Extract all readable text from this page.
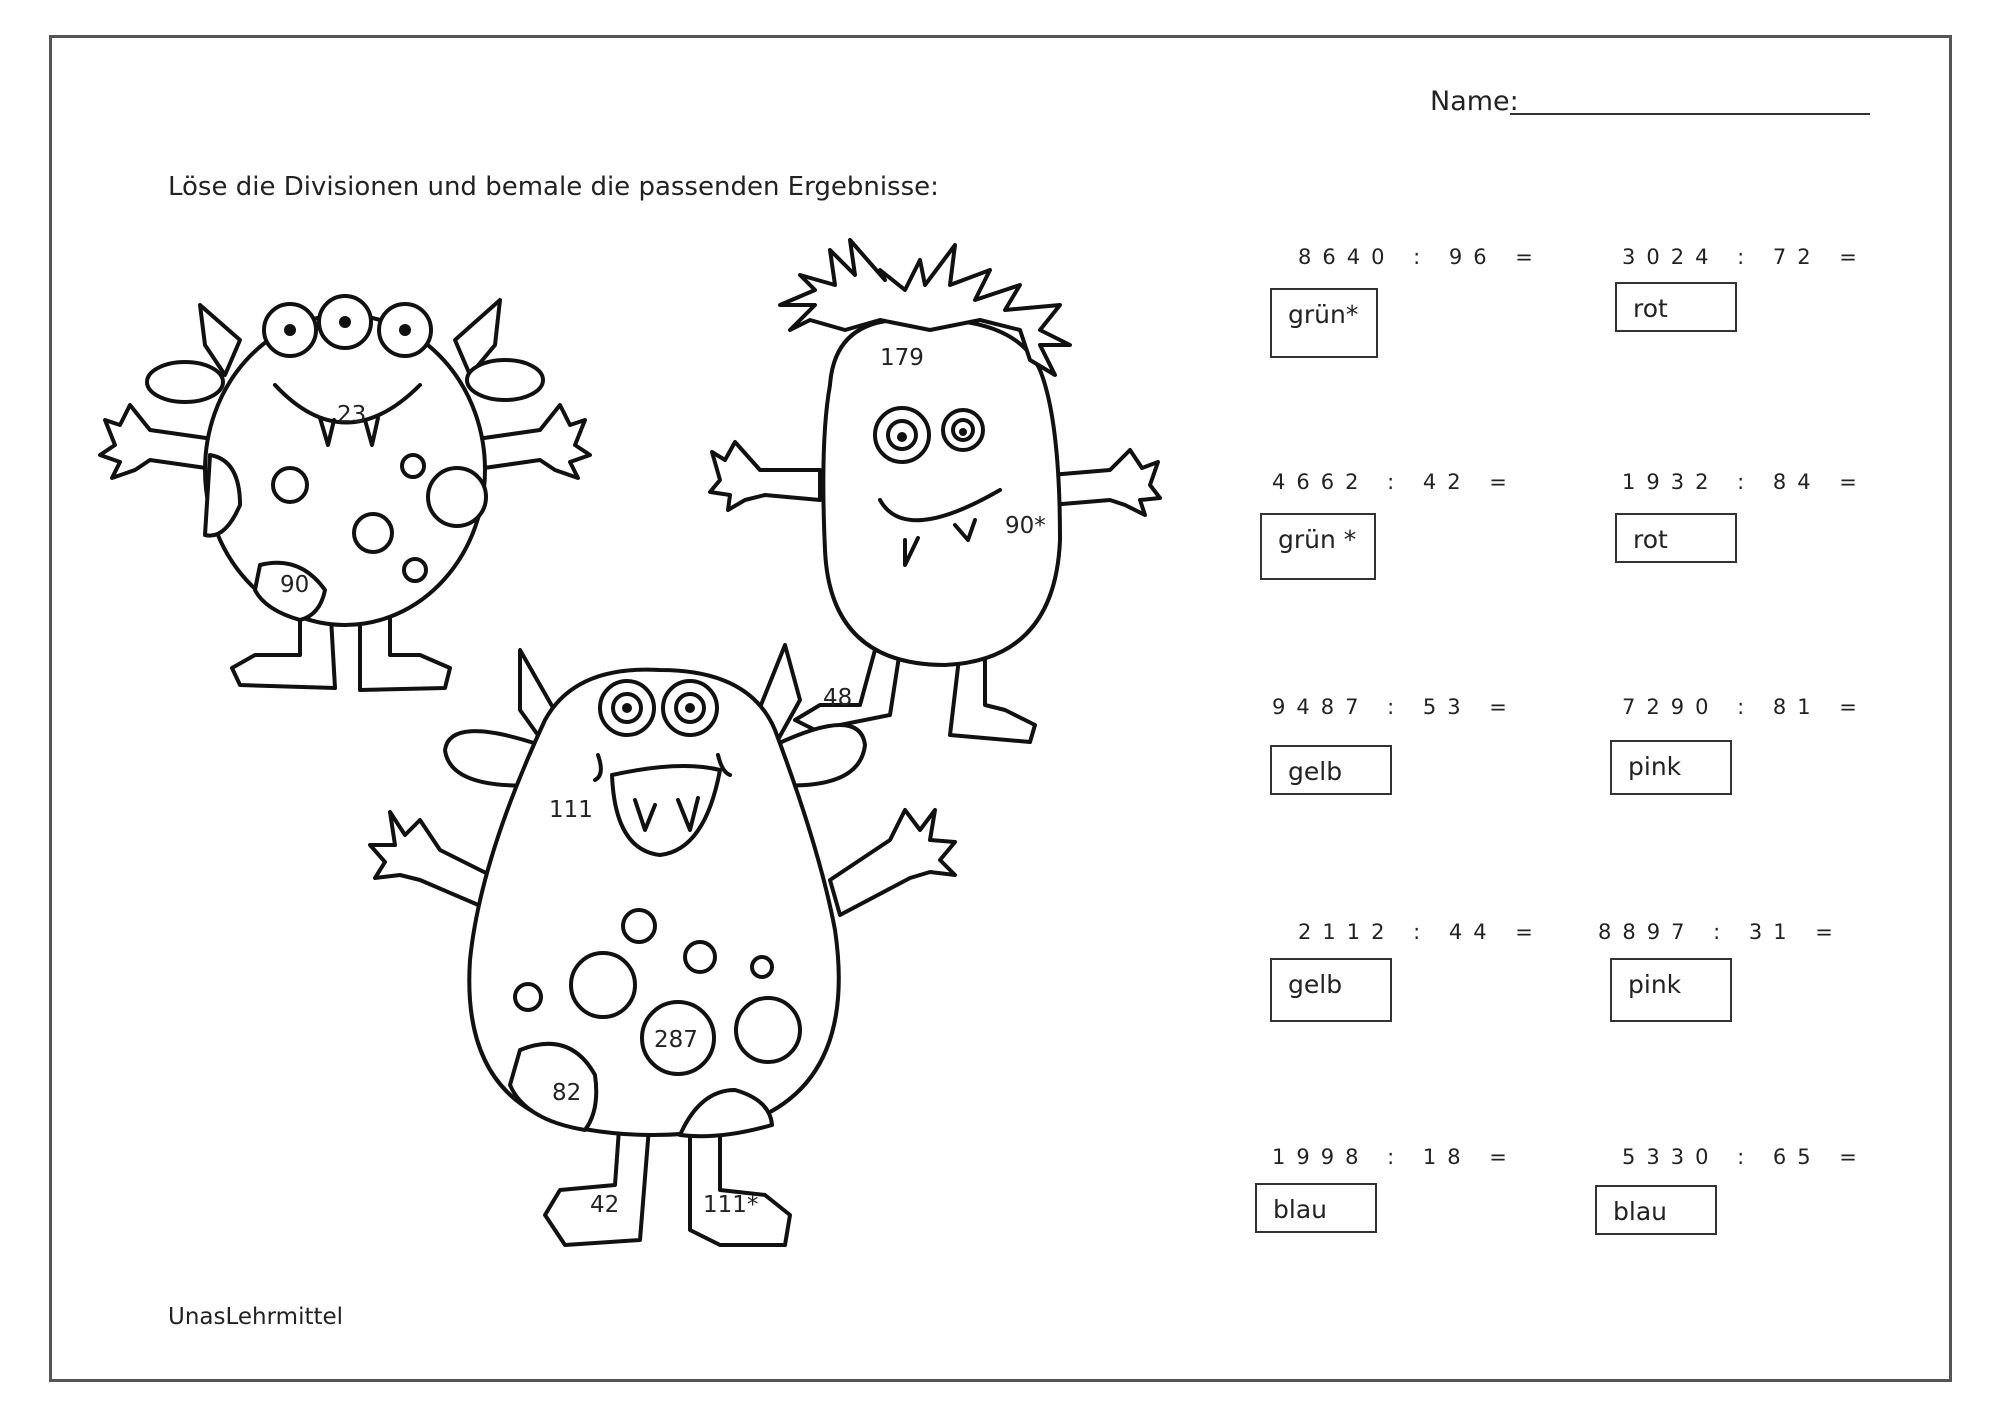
Name:
Löse die Divisionen und bemale die passenden Ergebnisse:
23
90
179
90*
48
111
287
82
42	111*
8640 : 96 =
grün*
3024 : 72 =
rot
4662 : 42 =
grün *
1932 : 84 =
rot
9487 : 53 =
gelb
7290 : 81 =
pink
2112 : 44 =
gelb
8897 : 31 =
pink
1998 : 18 =
blau
5330 : 65 =
blau
UnasLehrmittel
